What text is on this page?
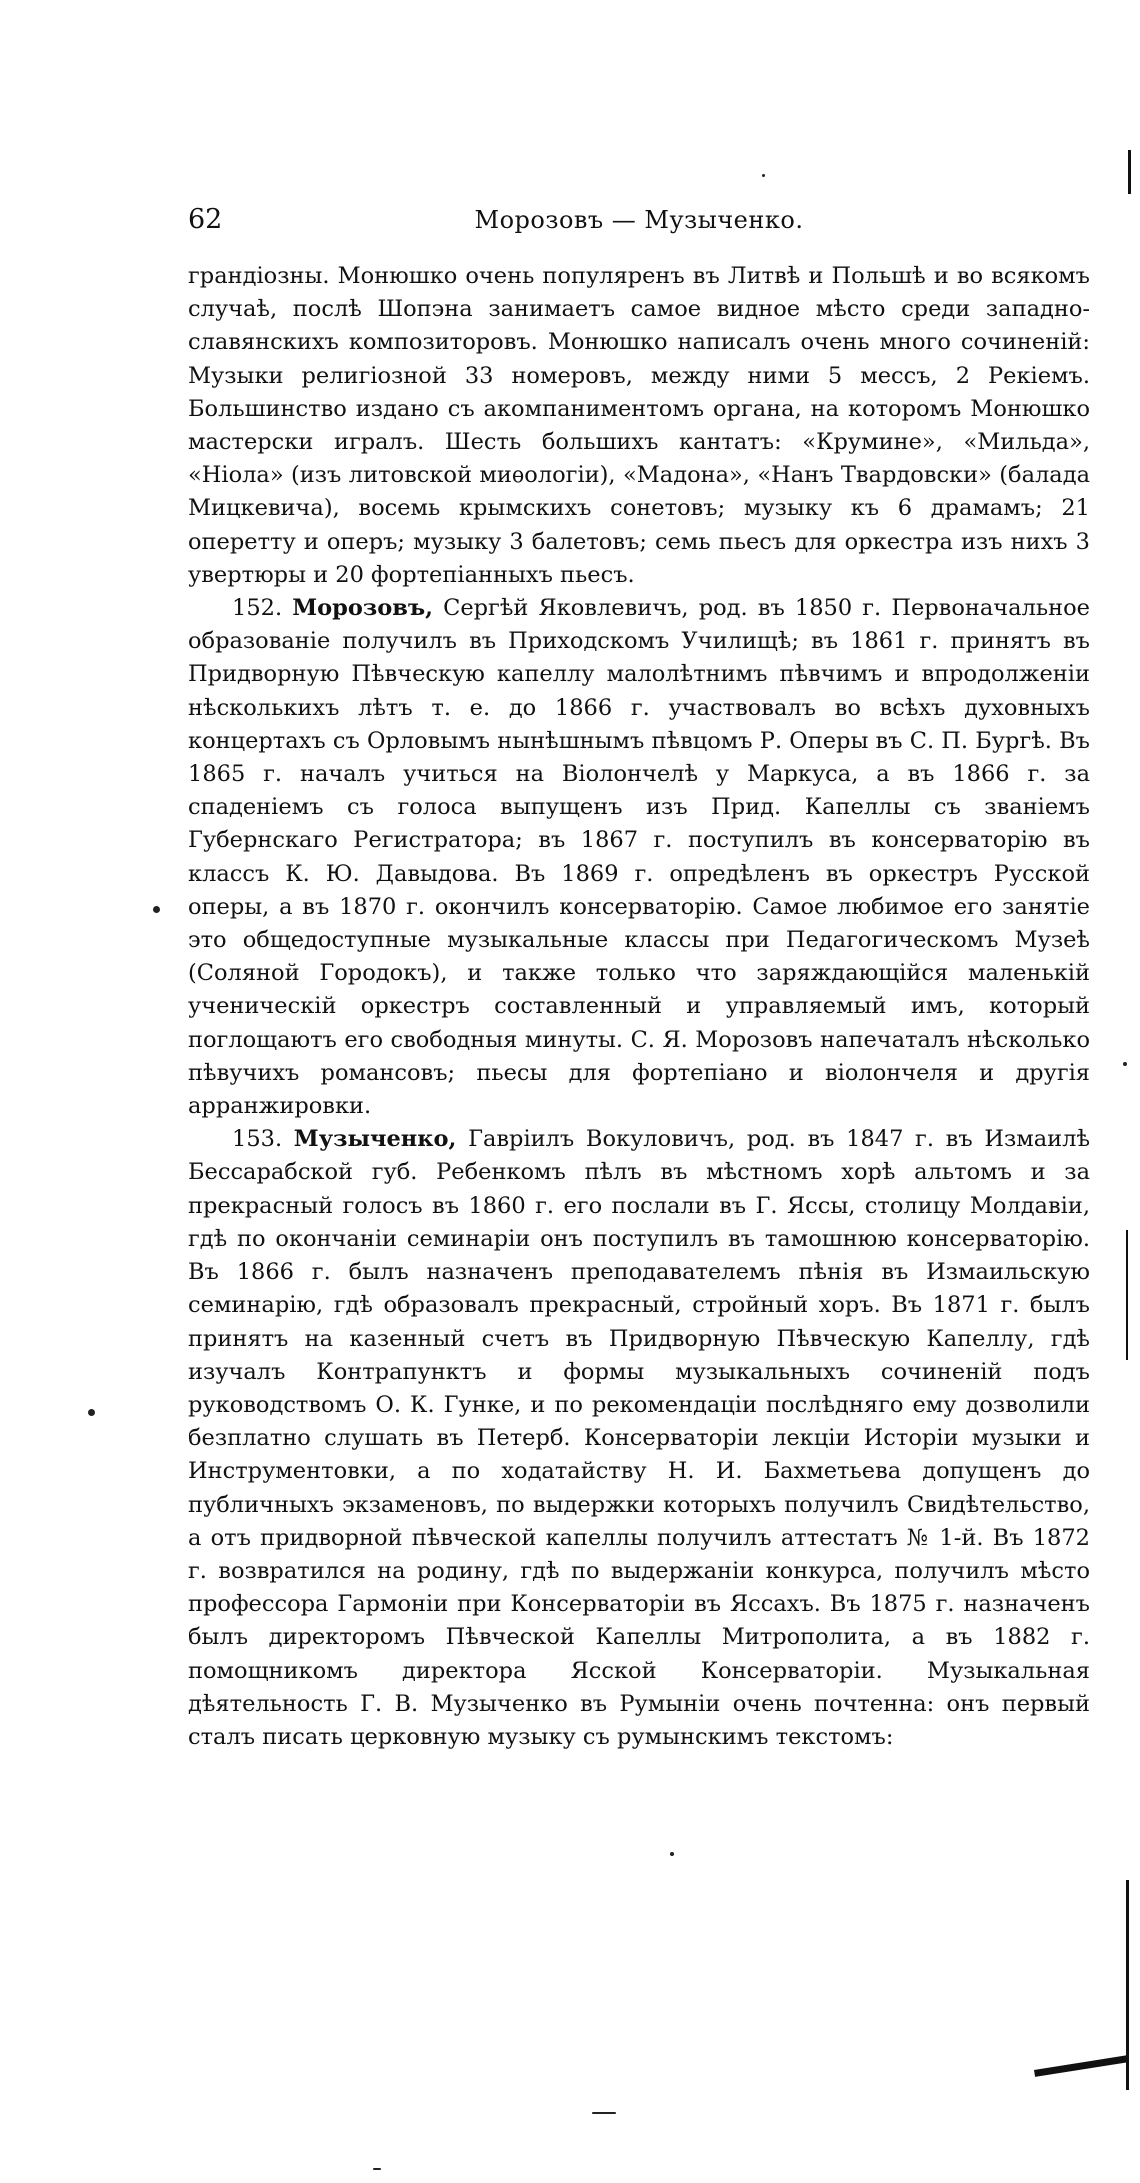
62	Морозовъ — Музыченко.

грандіозны. Монюшко очень популяренъ въ Литвѣ и Польшѣ и во всякомъ случаѣ, послѣ Шопэна занимаетъ самое видное мѣсто среди западно-славянскихъ композиторовъ. Монюшко написалъ очень много сочиненій: Музыки религіозной 33 номеровъ, между ними 5 мессъ, 2 Рекіемъ. Большинство издано съ акомпаниментомъ органа, на которомъ Монюшко мастерски игралъ. Шесть большихъ кантатъ: «Крумине», «Мильда», «Ніола» (изъ литовской миѳологіи), «Мадона», «Нанъ Твардовски» (балада Мицкевича), восемь крымскихъ сонетовъ; музыку къ 6 драмамъ; 21 оперетту и оперъ; музыку 3 балетовъ; семь пьесъ для оркестра изъ нихъ 3 увертюры и 20 фортепіанныхъ пьесъ.

152. Морозовъ, Сергѣй Яковлевичъ, род. въ 1850 г. Первоначальное образованіе получилъ въ Приходскомъ Училищѣ; въ 1861 г. принятъ въ Придворную Пѣвческую капеллу малолѣтнимъ пѣвчимъ и впродолженіи нѣсколькихъ лѣтъ т. е. до 1866 г. участвовалъ во всѣхъ духовныхъ концертахъ съ Орловымъ нынѣшнымъ пѣвцомъ Р. Оперы въ С. П. Бургѣ. Въ 1865 г. началъ учиться на Віолончелѣ у Маркуса, а въ 1866 г. за спаденіемъ съ голоса выпущенъ изъ Прид. Капеллы съ званіемъ Губернскаго Регистратора; въ 1867 г. поступилъ въ консерваторію въ классъ К. Ю. Давыдова. Въ 1869 г. опредѣленъ въ оркестръ Русской оперы, а въ 1870 г. окончилъ консерваторію. Самое любимое его занятіе это общедоступные музыкальные классы при Педагогическомъ Музеѣ (Соляной Городокъ), и также только что заряждающійся маленькій ученическій оркестръ составленный и управляемый имъ, который поглощаютъ его свободныя минуты. С. Я. Морозовъ напечаталъ нѣсколько пѣвучихъ романсовъ; пьесы для фортепіано и віолончеля и другія арранжировки.

153. Музыченко, Гавріилъ Вокуловичъ, род. въ 1847 г. въ Измаилѣ Бессарабской губ. Ребенкомъ пѣлъ въ мѣстномъ хорѣ альтомъ и за прекрасный голосъ въ 1860 г. его послали въ Г. Яссы, столицу Молдавіи, гдѣ по окончаніи семинаріи онъ поступилъ въ тамошнюю консерваторію. Въ 1866 г. былъ назначенъ преподавателемъ пѣнія въ Измаильскую семинарію, гдѣ образовалъ прекрасный, стройный хоръ. Въ 1871 г. былъ принятъ на казенный счетъ въ Придворную Пѣвческую Капеллу, гдѣ изучалъ Контрапунктъ и формы музыкальныхъ сочиненій подъ руководствомъ О. К. Гунке, и по рекомендаціи послѣдняго ему дозволили безплатно слушать въ Петерб. Консерваторіи лекціи Исторіи музыки и Инструментовки, а по ходатайству Н. И. Бахметьева допущенъ до публичныхъ экзаменовъ, по выдержки которыхъ получилъ Свидѣтельство, а отъ придворной пѣвческой капеллы получилъ аттестатъ № 1-й. Въ 1872 г. возвратился на родину, гдѣ по выдержаніи конкурса, получилъ мѣсто профессора Гармоніи при Консерваторіи въ Яссахъ. Въ 1875 г. назначенъ былъ директоромъ Пѣвческой Капеллы Митрополита, а въ 1882 г. помощникомъ директора Ясской Консерваторіи. Музыкальная дѣятельность Г. В. Музыченко въ Румыніи очень почтенна: онъ первый сталъ писать церковную музыку съ румынскимъ текстомъ:
